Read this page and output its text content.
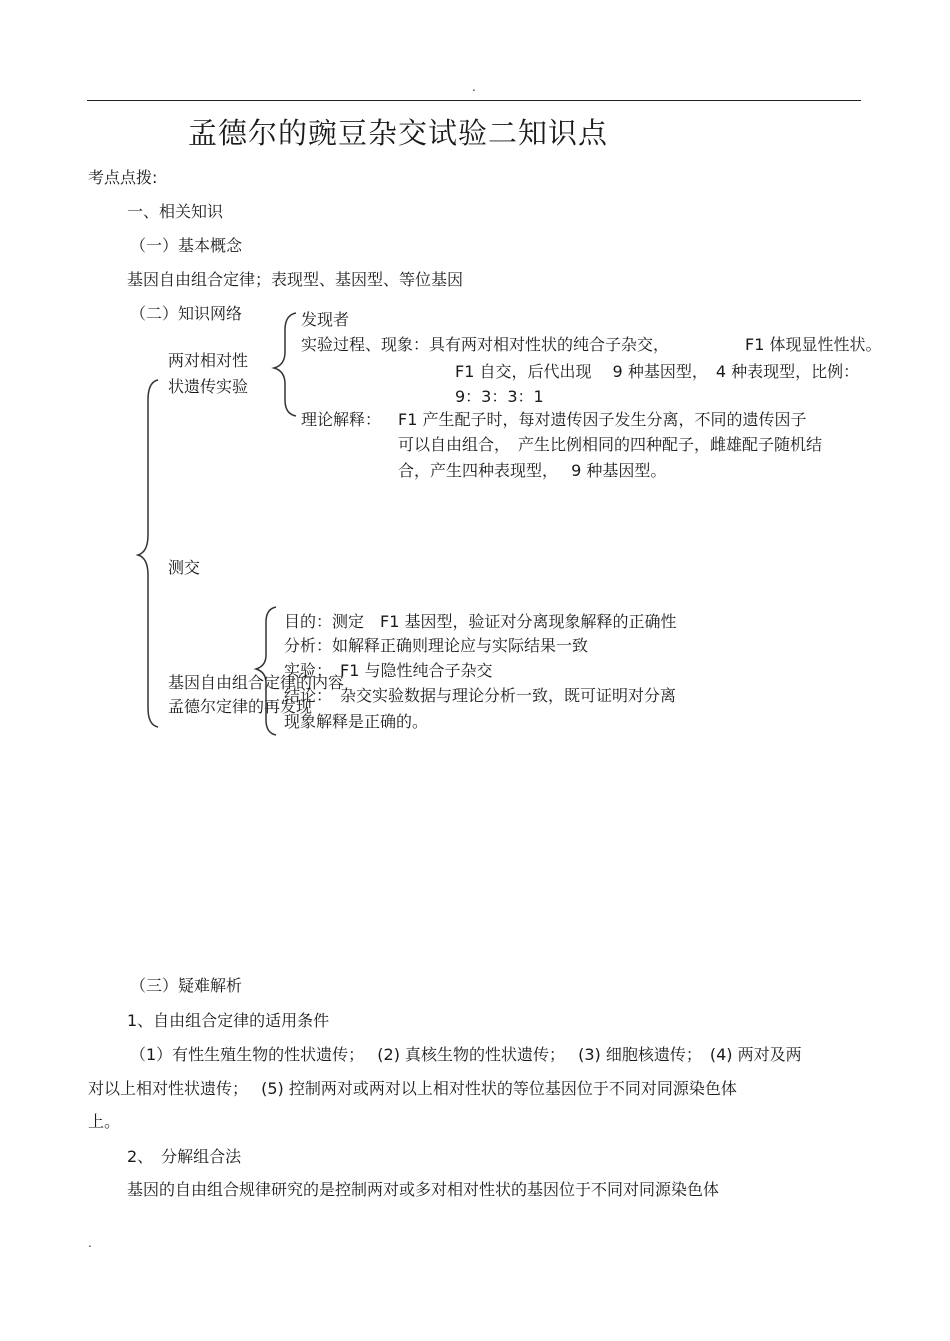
.
孟德尔的豌豆杂交试验二知识点
考点点拨:
一、相关知识
（一）基本概念
基因自由组合定律；表现型、基因型、等位基因
（二）知识网络
两对相对性
状遗传实验
发现者
实验过程、现象：具有两对相对性状的纯合子杂交，	F1 体现显性性状。
F1 自交，后代出现　 9 种基因型，　4 种表现型，比例：
9：3：3：1
理论解释： F1 产生配子时，每对遗传因子发生分离，不同的遗传因子
可以自由组合，　产生比例相同的四种配子，雌雄配子随机结
合，产生四种表现型，　 9 种基因型。
测交
目的：测定　F1 基因型，验证对分离现象解释的正确性
分析：如解释正确则理论应与实际结果一致
实验：　F1 与隐性纯合子杂交
结论：　杂交实验数据与理论分析一致，既可证明对分离
现象解释是正确的。
基因自由组合定律的内容
孟德尔定律的再发现
（三）疑难解析
1、自由组合定律的适用条件
（1）有性生殖生物的性状遗传；　 (2) 真核生物的性状遗传；　 (3) 细胞核遗传；　(4) 两对及两
对以上相对性状遗传；　 (5) 控制两对或两对以上相对性状的等位基因位于不同对同源染色体
上。
2、　分解组合法
基因的自由组合规律研究的是控制两对或多对相对性状的基因位于不同对同源染色体
.
